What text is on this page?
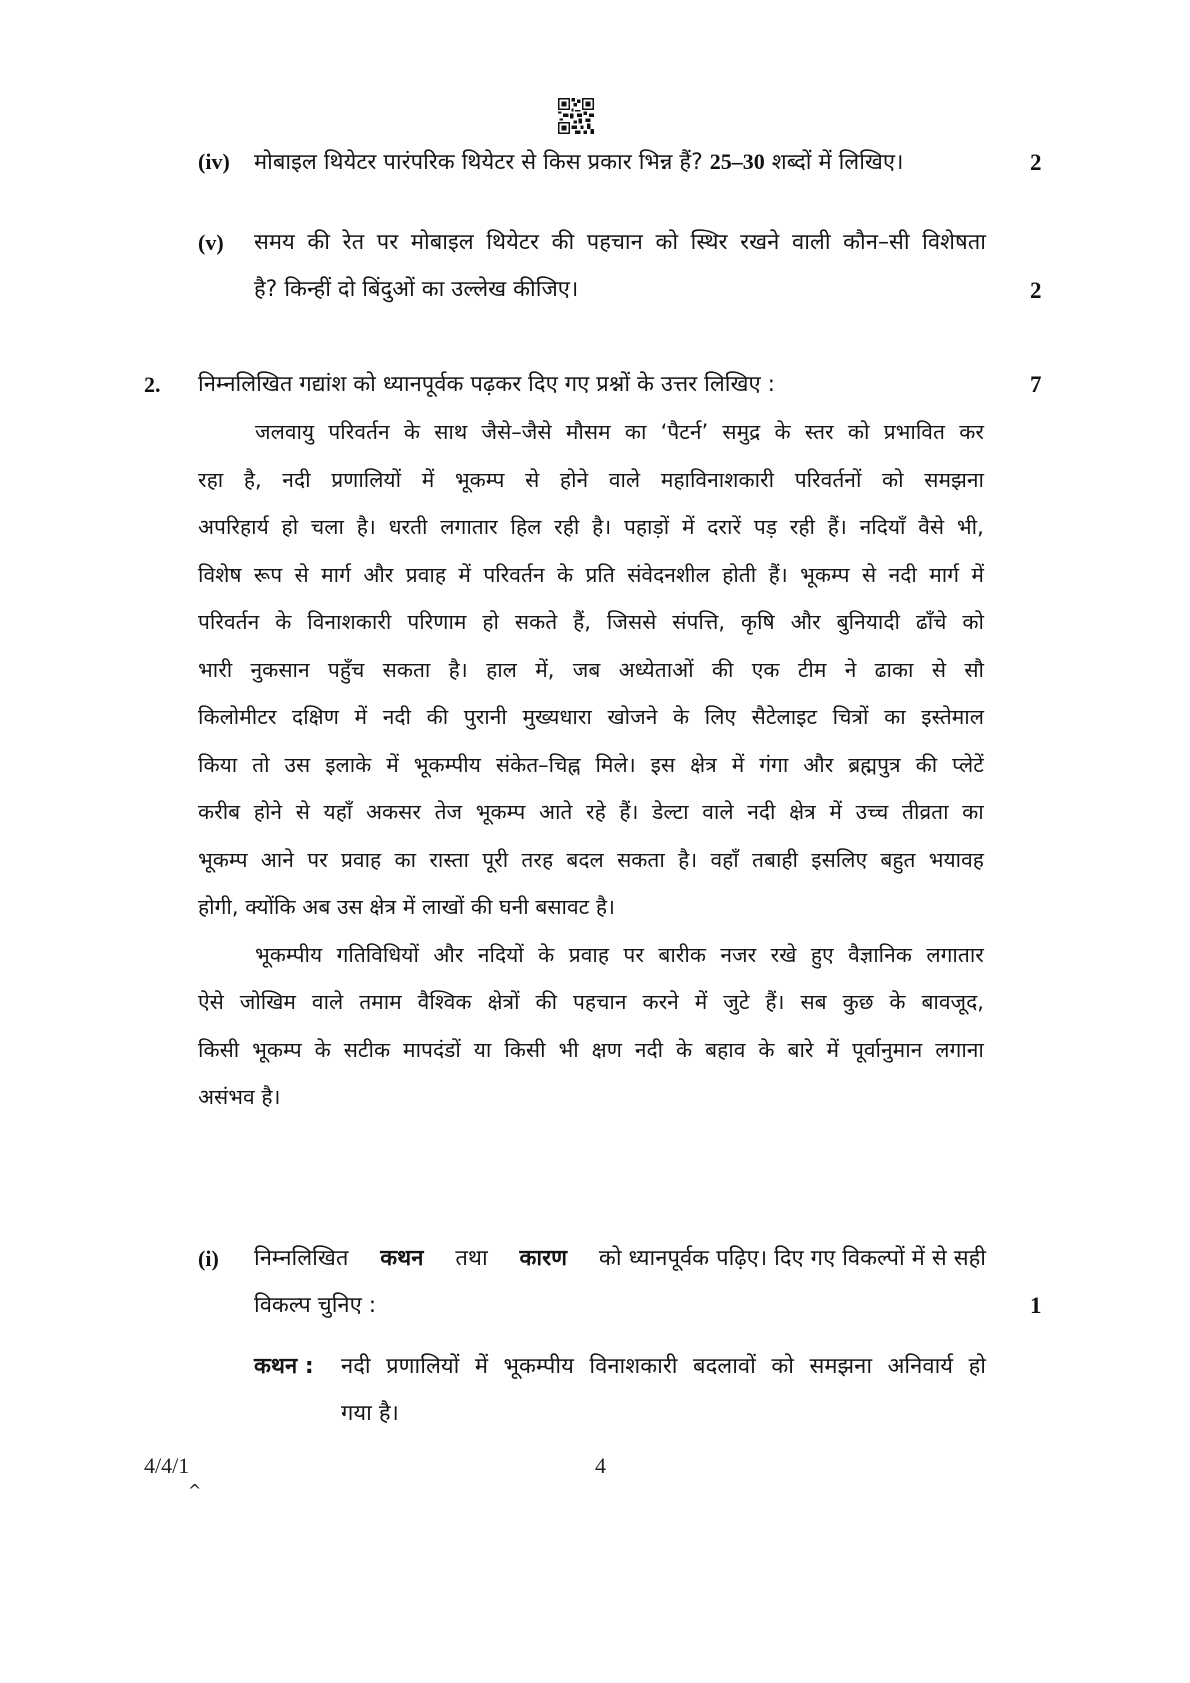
(iv) मोबाइल थियेटर पारंपरिक थियेटर से किस प्रकार भिन्न हैं? 25–30 शब्दों में लिखिए।	2
(v) समय की रेत पर मोबाइल थियेटर की पहचान को स्थिर रखने वाली कौन–सी विशेषता
है? किन्हीं दो बिंदुओं का उल्लेख कीजिए।	2
2. निम्नलिखित गद्यांश को ध्यानपूर्वक पढ़कर दिए गए प्रश्नों के उत्तर लिखिए :	7
जलवायु परिवर्तन के साथ जैसे–जैसे मौसम का ‘पैटर्न’ समुद्र के स्तर को प्रभावित कर
रहा है, नदी प्रणालियों में भूकम्प से होने वाले महाविनाशकारी परिवर्तनों को समझना
अपरिहार्य हो चला है। धरती लगातार हिल रही है। पहाड़ों में दरारें पड़ रही हैं। नदियाँ वैसे भी,
विशेष रूप से मार्ग और प्रवाह में परिवर्तन के प्रति संवेदनशील होती हैं। भूकम्प से नदी मार्ग में
परिवर्तन के विनाशकारी परिणाम हो सकते हैं, जिससे संपत्ति, कृषि और बुनियादी ढाँचे को
भारी नुकसान पहुँच सकता है। हाल में, जब अध्येताओं की एक टीम ने ढाका से सौ
किलोमीटर दक्षिण में नदी की पुरानी मुख्यधारा खोजने के लिए सैटेलाइट चित्रों का इस्तेमाल
किया तो उस इलाके में भूकम्पीय संकेत–चिह्न मिले। इस क्षेत्र में गंगा और ब्रह्मपुत्र की प्लेटें
करीब होने से यहाँ अकसर तेज भूकम्प आते रहे हैं। डेल्टा वाले नदी क्षेत्र में उच्च तीव्रता का
भूकम्प आने पर प्रवाह का रास्ता पूरी तरह बदल सकता है। वहाँ तबाही इसलिए बहुत भयावह
होगी, क्योंकि अब उस क्षेत्र में लाखों की घनी बसावट है।
भूकम्पीय गतिविधियों और नदियों के प्रवाह पर बारीक नजर रखे हुए वैज्ञानिक लगातार
ऐसे जोखिम वाले तमाम वैश्विक क्षेत्रों की पहचान करने में जुटे हैं। सब कुछ के बावजूद,
किसी भूकम्प के सटीक मापदंडों या किसी भी क्षण नदी के बहाव के बारे में पूर्वानुमान लगाना
असंभव है।
(i) निम्नलिखित कथन तथा कारण को ध्यानपूर्वक पढ़िए। दिए गए विकल्पों में से सही
विकल्प चुनिए :	1
कथन : नदी प्रणालियों में भूकम्पीय विनाशकारी बदलावों को समझना अनिवार्य हो
गया है।
4/4/1
^
4
